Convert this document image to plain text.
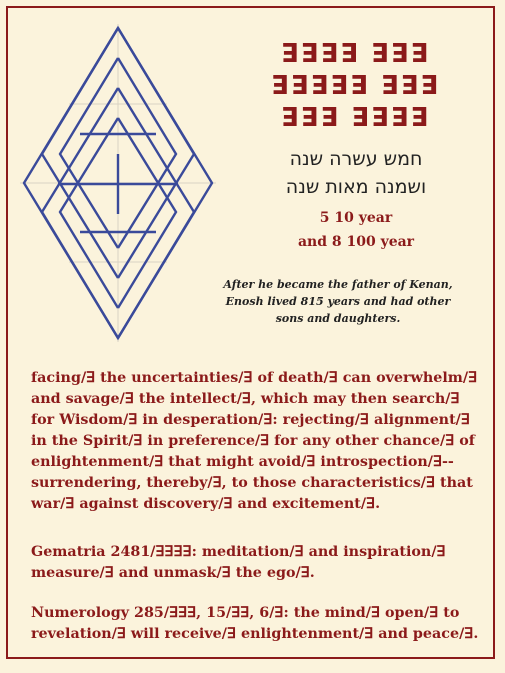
ꓱꓱꓱꓱ ꓱꓱꓱ
ꓱꓱꓱꓱꓱ ꓱꓱꓱ
ꓱꓱꓱ ꓱꓱꓱꓱ
חמש עשרה שנה
ושמנה מאות שנה
5 10 year
and 8 100 year
After he became the father of Kenan, Enosh lived 815 years and had other sons and daughters.
facing/ꓱ the uncertainties/ꓱ of death/ꓱ can overwhelm/ꓱ and savage/ꓱ the intellect/ꓱ, which may then search/ꓱ for Wisdom/ꓱ in desperation/ꓱ: rejecting/ꓱ alignment/ꓱ in the Spirit/ꓱ in preference/ꓱ for any other chance/ꓱ of enlightenment/ꓱ that might avoid/ꓱ introspection/ꓱ-- surrendering, thereby/ꓱ, to those characteristics/ꓱ that war/ꓱ against discovery/ꓱ and excitement/ꓱ.
Gematria 2481/ꓱꓱꓱꓱ: meditation/ꓱ and inspiration/ꓱ measure/ꓱ and unmask/ꓱ the ego/ꓱ.
Numerology 285/ꓱꓱꓱ, 15/ꓱꓱ, 6/ꓱ: the mind/ꓱ open/ꓱ to revelation/ꓱ will receive/ꓱ enlightenment/ꓱ and peace/ꓱ.
